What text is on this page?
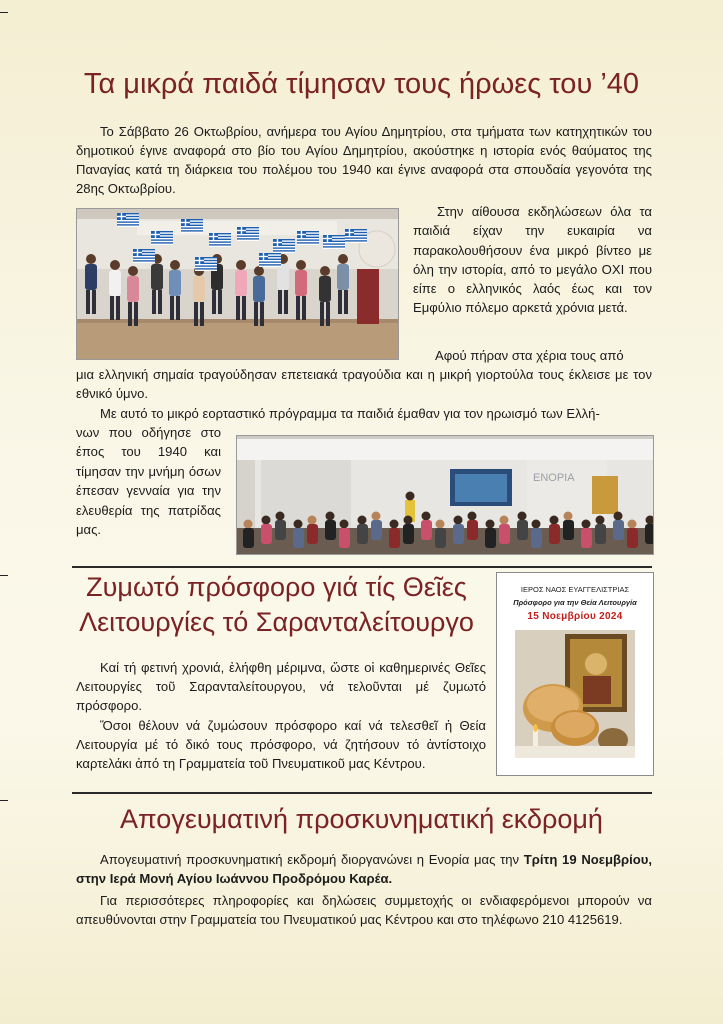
Τα μικρά παιδά τίμησαν τους ήρωες του ’40

Το Σάββατο 26 Οκτωβρίου, ανήμερα του Αγίου Δημητρίου, στα τμήματα των κατηχητικών του δημοτικού έγινε αναφορά στο βίο του Αγίου Δημητρίου, ακούστηκε η ιστορία ενός θαύματος της Παναγίας κατά τη διάρκεια του πολέμου του 1940 και έγινε αναφορά στα σπουδαία γεγονότα της 28ης Οκτωβρίου.

Στην αίθουσα εκδηλώσεων όλα τα παιδιά είχαν την ευκαιρία να παρακολουθήσουν ένα μικρό βίντεο με όλη την ιστορία, από το μεγάλο ΟΧΙ που είπε ο ελληνικός λαός έως και τον Εμφύλιο πόλεμο αρκετά χρόνια μετά.

Αφού πήραν στα χέρια τους από

μια ελληνική σημαία τραγούδησαν επετειακά τραγούδια και η μικρή γιορτούλα τους έκλεισε με τον εθνικό ύμνο.

Με αυτό το μικρό εορταστικό πρόγραμμα τα παιδιά έμαθαν για τον ηρωισμό των Ελλή-

νων που οδήγησε στο έπος του 1940 και τίμησαν την μνήμη όσων έπεσαν γενναία για την ελευθερία της πατρίδας μας.

ΕΝΟΡΙΑ
Ζυμωτό πρόσφορο γιά τίς Θεῖες Λειτουργίες τό Σαρανταλείτουργο

Καί τή φετινή χρονιά, ἐλήφθη μέριμνα, ὥστε οἱ καθημερινές Θεῖες Λειτουργίες τοῦ Σαρανταλείτουργου, νά τελοῦνται μέ ζυμωτό πρόσφορο.

Ὅσοι θέλουν νά ζυμώσουν πρόσφορο καί νά τελεσθεῖ ἡ Θεία Λειτουργία μέ τό δικό τους πρόσφορο, νά ζητήσουν τό ἀντίστοιχο καρτελάκι ἀπό τη Γραμματεία τοῦ Πνευματικοῦ μας Κέντρου.

ΙΕΡΟΣ ΝΑΟΣ ΕΥΑΓΓΕΛΙΣΤΡΙΑΣ
Πρόσφορο για την Θεία Λειτουργία
15 Νοεμβρίου 2024
Απογευματινή προσκυνηματική εκδρομή

Απογευματινή προσκυνηματική εκδρομή διοργανώνει η Ενορία μας την Τρίτη 19 Νοεμβρίου, στην Ιερά Μονή Αγίου Ιωάννου Προδρόμου Καρέα.

Για περισσότερες πληροφορίες και δηλώσεις συμμετοχής οι ενδιαφερόμενοι μπορούν να απευθύνονται στην Γραμματεία του Πνευματικού μας Κέντρου και στο τηλέφωνο 210 4125619.
